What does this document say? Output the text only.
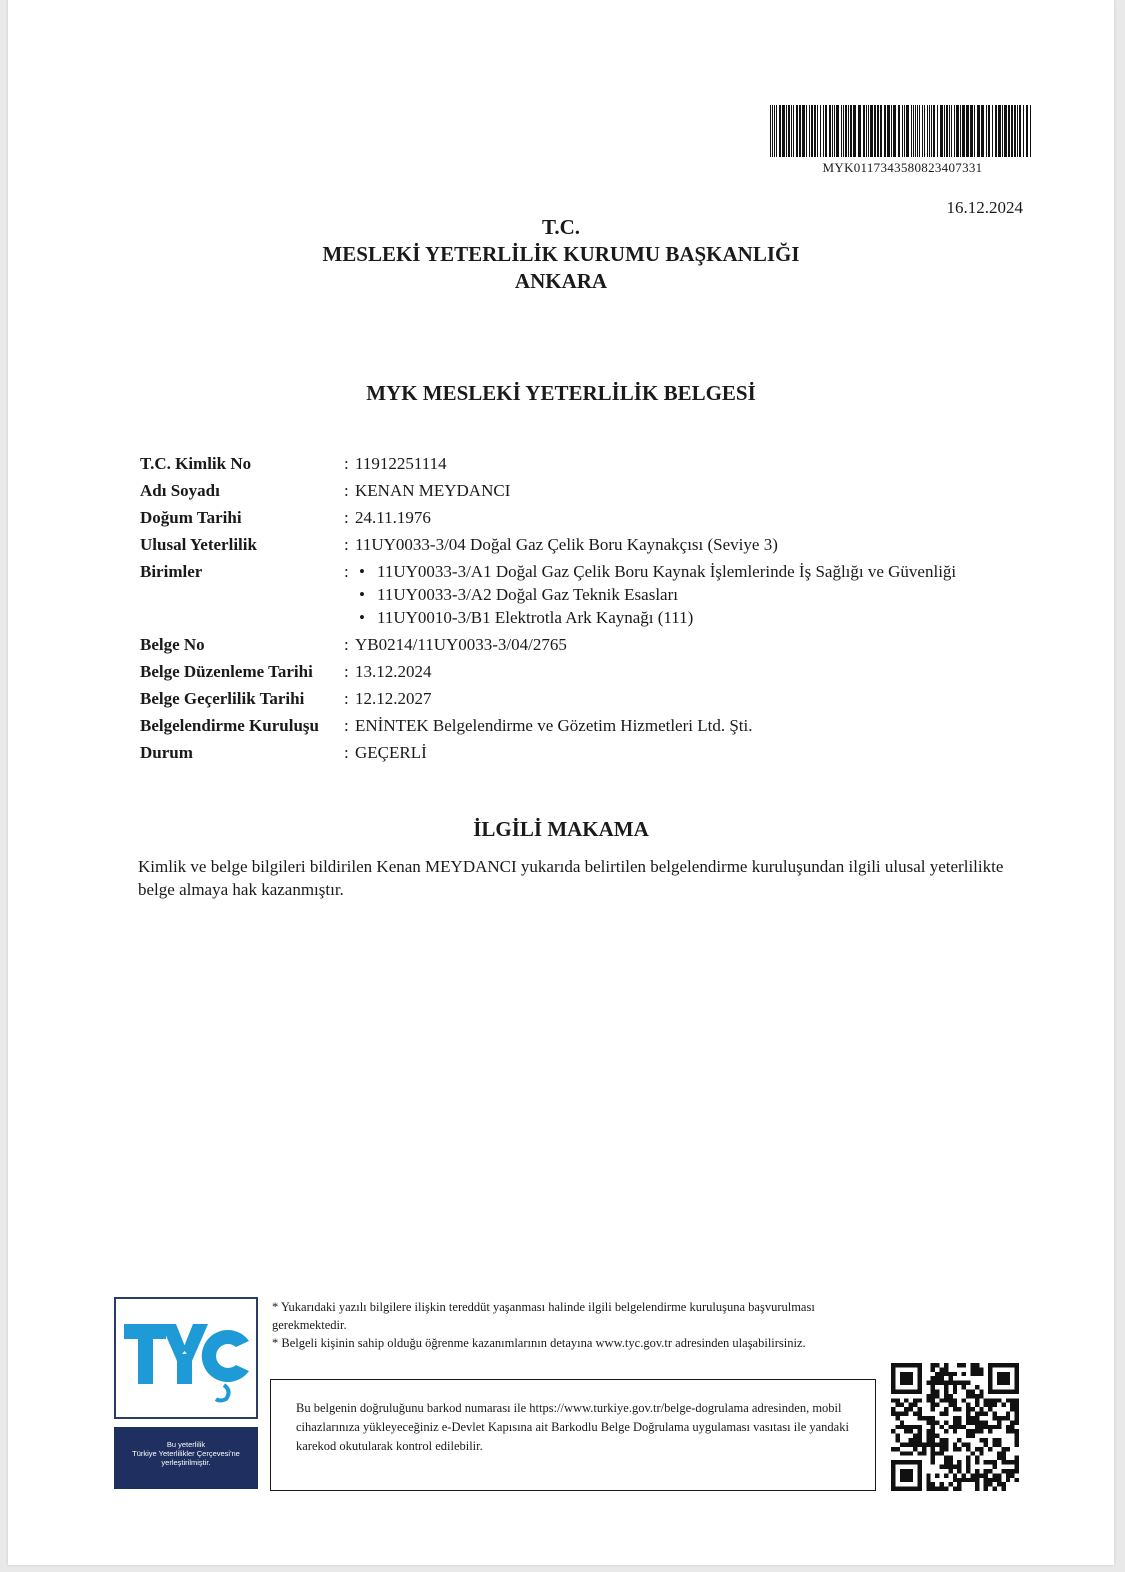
MYK0117343580823407331
16.12.2024
T.C.
MESLEKİ YETERLİLİK KURUMU BAŞKANLIĞI
ANKARA
MYK MESLEKİ YETERLİLİK BELGESİ
T.C. Kimlik No	: 11912251114
Adı Soyadı	: KENAN MEYDANCI
Doğum Tarihi	: 24.11.1976
Ulusal Yeterlilik	: 11UY0033-3/04 Doğal Gaz Çelik Boru Kaynakçısı (Seviye 3)
Birimler	:
•	11UY0033-3/A1 Doğal Gaz Çelik Boru Kaynak İşlemlerinde İş Sağlığı ve Güvenliği
• 11UY0033-3/A2 Doğal Gaz Teknik Esasları
• 11UY0010-3/B1 Elektrotla Ark Kaynağı (111)
Belge No	: YB0214/11UY0033-3/04/2765
Belge Düzenleme Tarihi	: 13.12.2024
Belge Geçerlilik Tarihi	: 12.12.2027
Belgelendirme Kuruluşu	: ENİNTEK Belgelendirme ve Gözetim Hizmetleri Ltd. Şti.
Durum	: GEÇERLİ
İLGİLİ MAKAMA
Kimlik ve belge bilgileri bildirilen Kenan MEYDANCI yukarıda belirtilen belgelendirme kuruluşundan ilgili ulusal yeterlilikte belge almaya hak kazanmıştır.
TYÇ
Bu yeterlilik
Türkiye Yeterlilikler Çerçevesi'ne
yerleştirilmiştir.
* Yukarıdaki yazılı bilgilere ilişkin tereddüt yaşanması halinde ilgili belgelendirme kuruluşuna başvurulması gerekmektedir.
* Belgeli kişinin sahip olduğu öğrenme kazanımlarının detayına www.tyc.gov.tr adresinden ulaşabilirsiniz.
Bu belgenin doğruluğunu barkod numarası ile https://www.turkiye.gov.tr/belge-dogrulama adresinden, mobil cihazlarınıza yükleyeceğiniz e-Devlet Kapısına ait Barkodlu Belge Doğrulama uygulaması vasıtası ile yandaki karekod okutularak kontrol edilebilir.
